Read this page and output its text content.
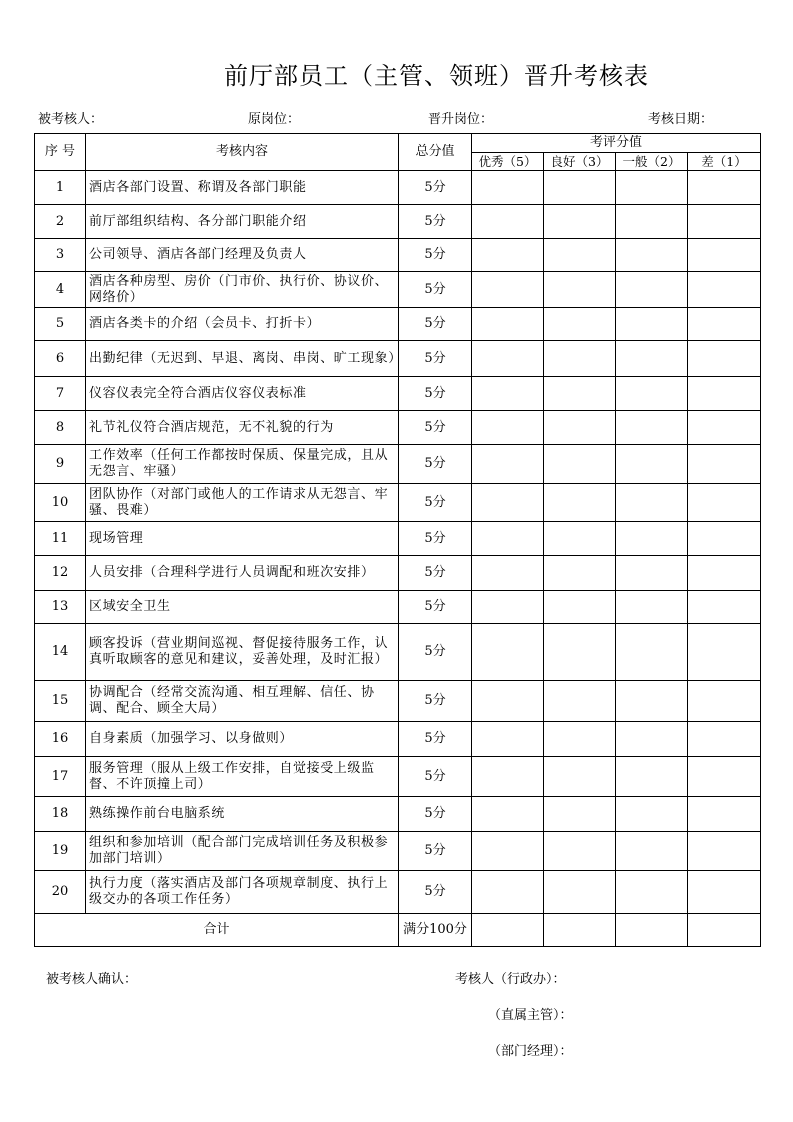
前厅部员工（主管、领班）晋升考核表
被考核人：	原岗位：	晋升岗位：	考核日期：
序 号	考核内容	总分值	考评分值			
			优秀（5）	良好（3）	一般（2）	差（1）
1	酒店各部门设置、称谓及各部门职能	5分				
2	前厅部组织结构、各分部门职能介绍	5分				
3	公司领导、酒店各部门经理及负责人	5分				
4	酒店各种房型、房价（门市价、执行价、协议价、网络价）	5分				
5	酒店各类卡的介绍（会员卡、打折卡）	5分				
6	出勤纪律（无迟到、早退、离岗、串岗、旷工现象）	5分				
7	仪容仪表完全符合酒店仪容仪表标准	5分				
8	礼节礼仪符合酒店规范，无不礼貌的行为	5分				
9	工作效率（任何工作都按时保质、保量完成，且从无怨言、牢骚）	5分				
10	团队协作（对部门或他人的工作请求从无怨言、牢骚、畏难）	5分				
11	现场管理	5分				
12	人员安排（合理科学进行人员调配和班次安排）	5分				
13	区域安全卫生	5分				
14	顾客投诉（营业期间巡视、督促接待服务工作，认真听取顾客的意见和建议，妥善处理，及时汇报）	5分				
15	协调配合（经常交流沟通、相互理解、信任、协调、配合、顾全大局）	5分				
16	自身素质（加强学习、以身做则）	5分				
17	服务管理（服从上级工作安排，自觉接受上级监督、不许顶撞上司）	5分				
18	熟练操作前台电脑系统	5分				
19	组织和参加培训（配合部门完成培训任务及积极参加部门培训）	5分				
20	执行力度（落实酒店及部门各项规章制度、执行上级交办的各项工作任务）	5分				
合计		满分100分				
被考核人确认：	考核人（行政办）：
（直属主管）：
（部门经理）：
